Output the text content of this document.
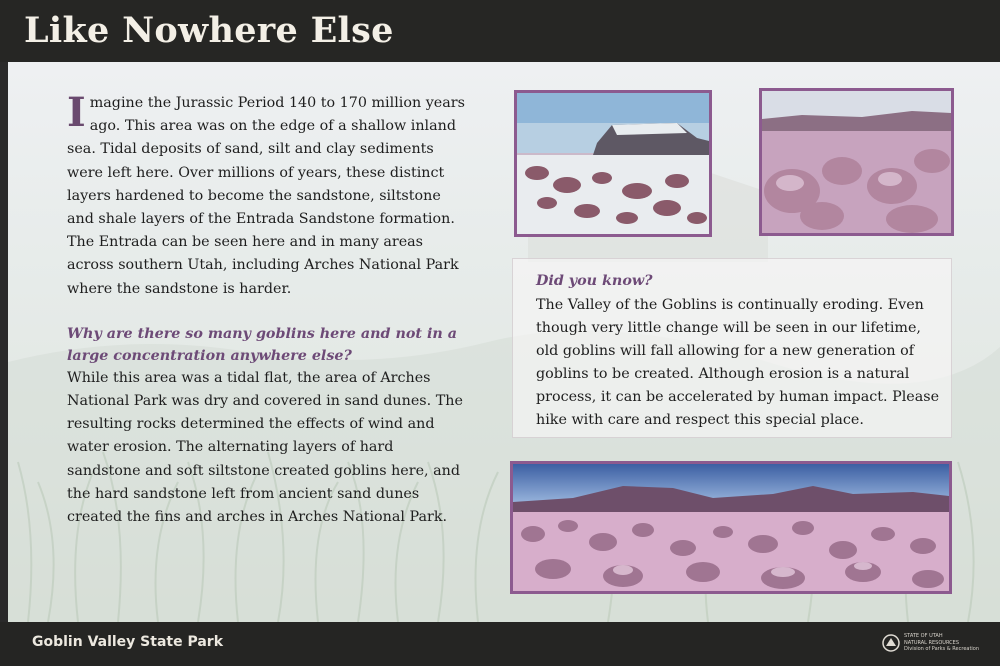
Like Nowhere Else

Imagine the Jurassic Period 140 to 170 million years ago. This area was on the edge of a shallow inland sea. Tidal deposits of sand, silt and clay sediments were left here. Over millions of years, these distinct layers hardened to become the sandstone, siltstone and shale layers of the Entrada Sandstone formation. The Entrada can be seen here and in many areas across southern Utah, including Arches National Park where the sandstone is harder.

Why are there so many goblins here and not in a large concentration anywhere else?

While this area was a tidal flat, the area of Arches National Park was dry and covered in sand dunes. The resulting rocks determined the effects of wind and water erosion. The alternating layers of hard sandstone and soft siltstone created goblins here, and the hard sandstone left from ancient sand dunes created the fins and arches in Arches National Park.

Did you know?
The Valley of the Goblins is continually eroding. Even though very little change will be seen in our lifetime, old goblins will fall allowing for a new generation of goblins to be created. Although erosion is a natural process, it can be accelerated by human impact. Please hike with care and respect this special place.
Goblin Valley State Park	STATE OF UTAH
NATURAL RESOURCES
Division of Parks & Recreation
